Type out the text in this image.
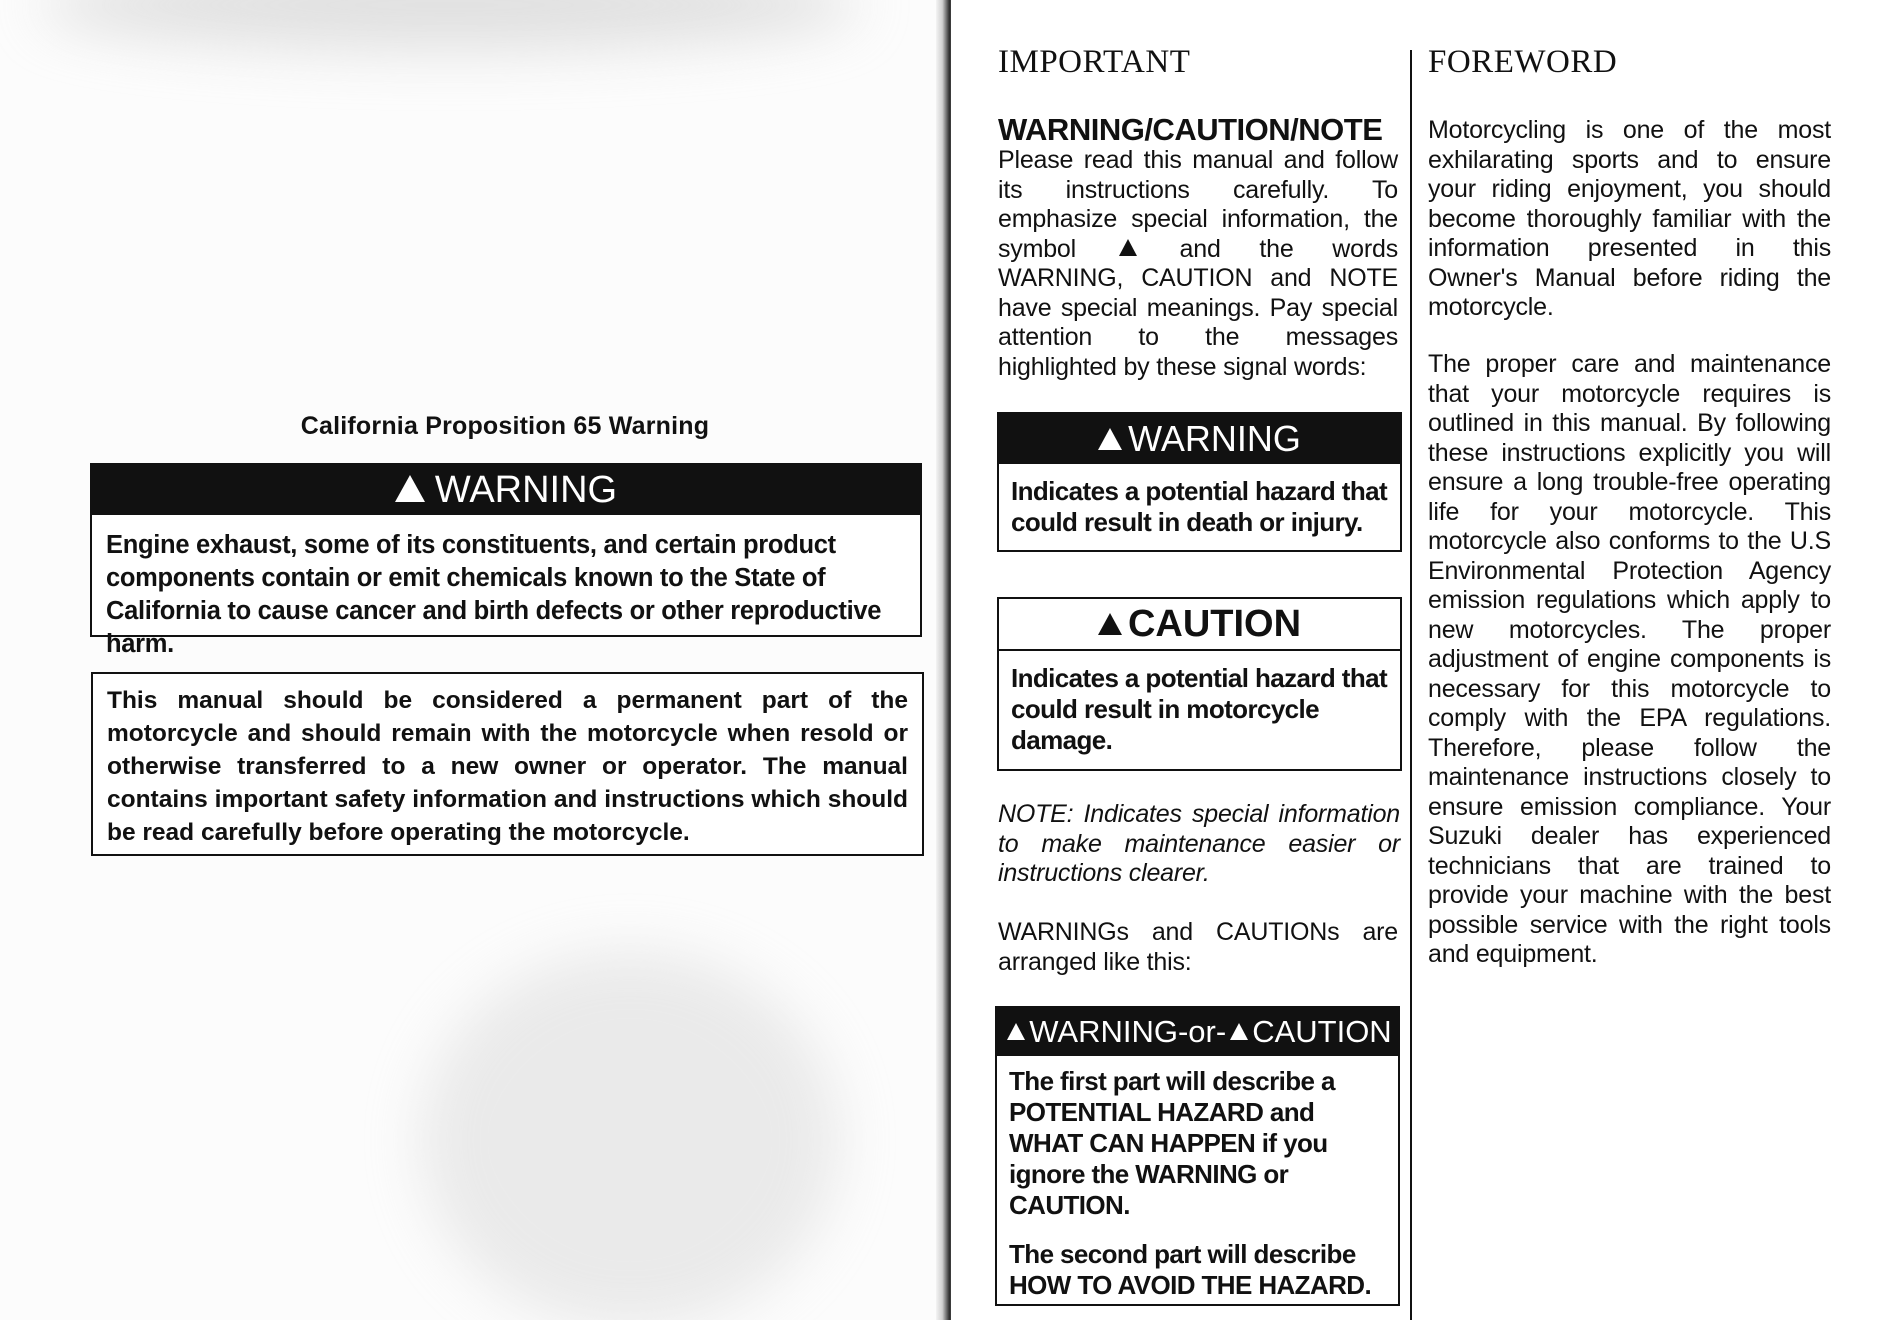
California Proposition 65 Warning
WARNING
Engine exhaust, some of its constituents, and certain product components contain or emit chemicals known to the State of California to cause cancer and birth defects or other reproductive harm.
This manual should be considered a permanent part of the motorcycle and should remain with the motorcycle when resold or otherwise transferred to a new owner or operator. The manual contains important safety information and instructions which should be read carefully before operating the motorcycle.
IMPORTANT	FOREWORD
WARNING/CAUTION/NOTE
Please read this manual and follow its instructions carefully. To emphasize special information, the symbol	and the words WARNING, CAUTION and NOTE have special meanings. Pay special attention to the messages highlighted by these signal words:
WARNING
Indicates a potential hazard that could result in death or injury.
CAUTION
Indicates a potential hazard that could result in motorcycle damage.
NOTE: Indicates special information to make maintenance easier or instructions clearer.
WARNINGs and CAUTIONs are arranged like this:
WARNING-or- CAUTION
The first part will describe a POTENTIAL HAZARD and WHAT CAN HAPPEN if you ignore the WARNING or CAUTION.
The second part will describe HOW TO AVOID THE HAZARD.
Motorcycling is one of the most exhilarating sports and to ensure your riding enjoyment, you should become thoroughly familiar with the information presented in this Owner's Manual before riding the motorcycle.
The proper care and maintenance that your motorcycle requires is outlined in this manual. By following these instructions explicitly you will ensure a long trouble-free operating life for your motorcycle. This motorcycle also conforms to the U.S Environmental Protection Agency emission regulations which apply to new motorcycles. The proper adjustment of engine components is necessary for this motorcycle to comply with the EPA regulations. Therefore, please follow the maintenance instructions closely to ensure emission compliance. Your Suzuki dealer has experienced technicians that are trained to provide your machine with the best possible service with the right tools and equipment.
